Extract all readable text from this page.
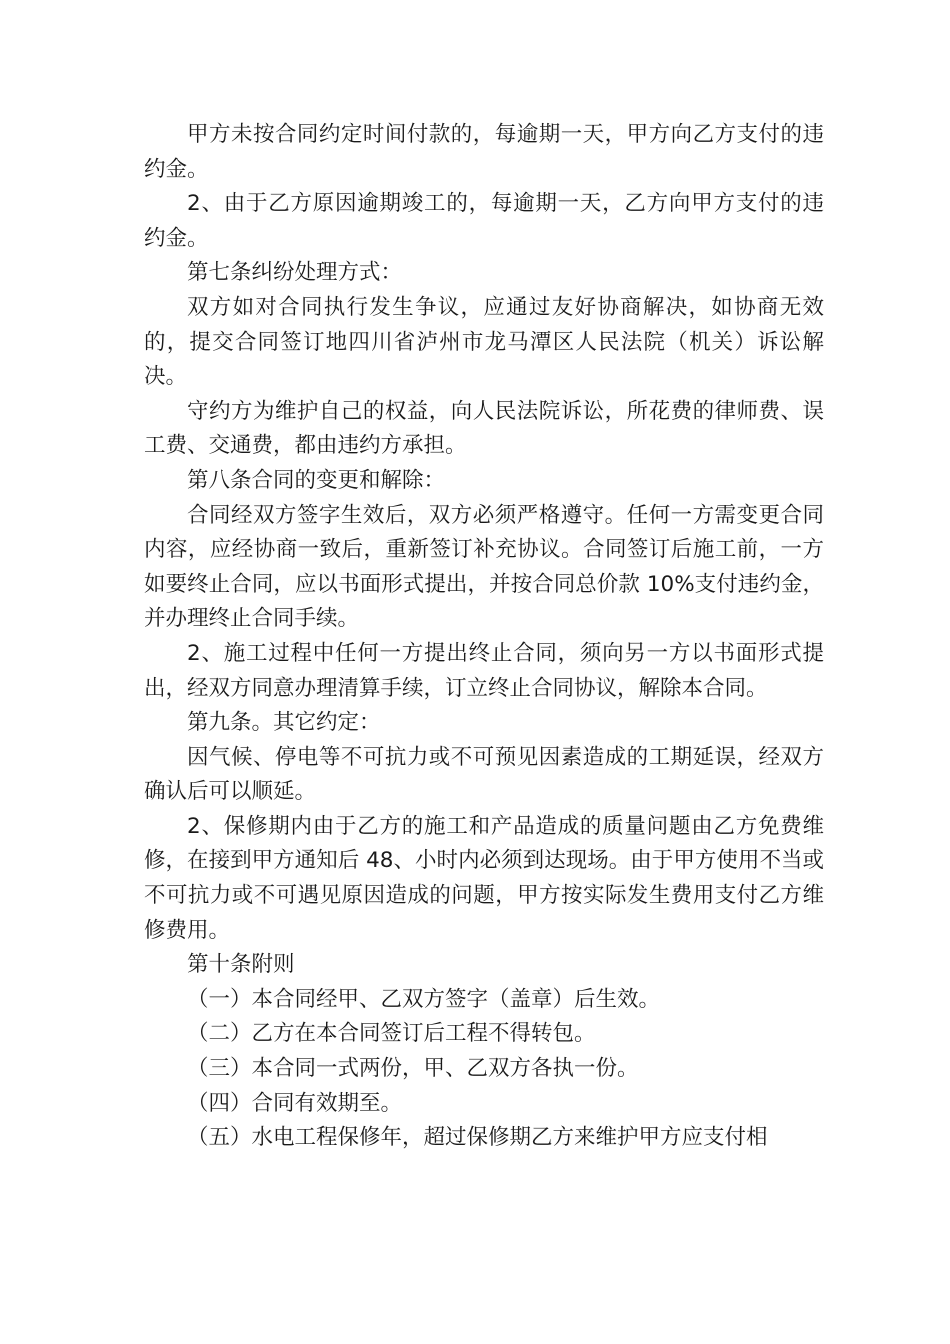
甲方未按合同约定时间付款的，每逾期一天，甲方向乙方支付的违约金。

2、由于乙方原因逾期竣工的，每逾期一天，乙方向甲方支付的违约金。

第七条纠纷处理方式：

双方如对合同执行发生争议，应通过友好协商解决，如协商无效的，提交合同签订地四川省泸州市龙马潭区人民法院（机关）诉讼解决。

守约方为维护自己的权益，向人民法院诉讼，所花费的律师费、误工费、交通费，都由违约方承担。

第八条合同的变更和解除：

合同经双方签字生效后，双方必须严格遵守。任何一方需变更合同内容，应经协商一致后，重新签订补充协议。合同签订后施工前，一方如要终止合同，应以书面形式提出，并按合同总价款 10%支付违约金，并办理终止合同手续。

2、施工过程中任何一方提出终止合同，须向另一方以书面形式提出，经双方同意办理清算手续，订立终止合同协议，解除本合同。

第九条。其它约定：

因气候、停电等不可抗力或不可预见因素造成的工期延误，经双方确认后可以顺延。

2、保修期内由于乙方的施工和产品造成的质量问题由乙方免费维修，在接到甲方通知后 48、小时内必须到达现场。由于甲方使用不当或不可抗力或不可遇见原因造成的问题，甲方按实际发生费用支付乙方维修费用。

第十条附则

（一）本合同经甲、乙双方签字（盖章）后生效。

（二）乙方在本合同签订后工程不得转包。

（三）本合同一式两份，甲、乙双方各执一份。

（四）合同有效期至。

（五）水电工程保修年，超过保修期乙方来维护甲方应支付相
